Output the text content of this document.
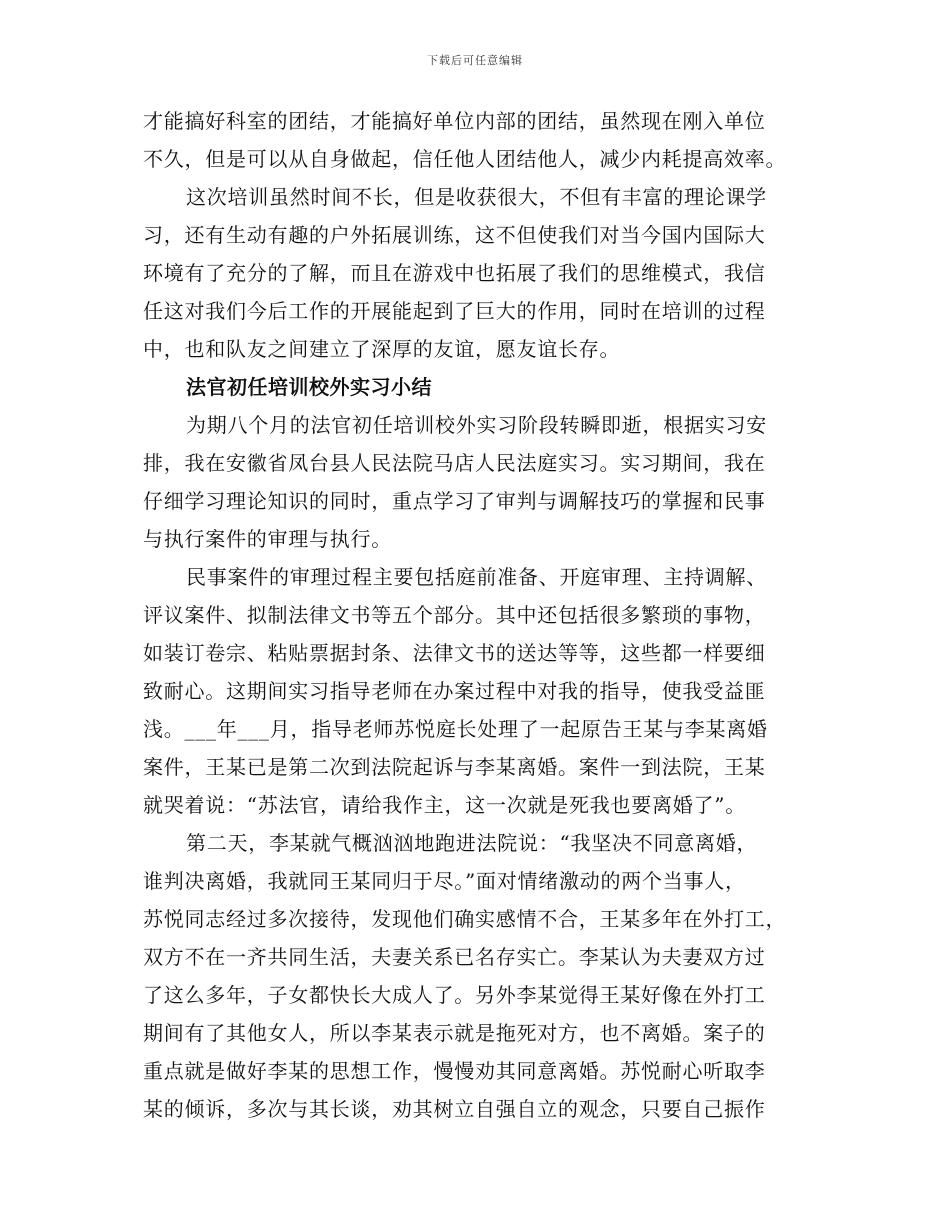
下载后可任意编辑
才能搞好科室的团结，才能搞好单位内部的团结，虽然现在刚入单位
不久，但是可以从自身做起，信任他人团结他人，减少内耗提高效率。
这次培训虽然时间不长，但是收获很大，不但有丰富的理论课学
习，还有生动有趣的户外拓展训练，这不但使我们对当今国内国际大
环境有了充分的了解，而且在游戏中也拓展了我们的思维模式，我信
任这对我们今后工作的开展能起到了巨大的作用，同时在培训的过程
中，也和队友之间建立了深厚的友谊，愿友谊长存。
法官初任培训校外实习小结
为期八个月的法官初任培训校外实习阶段转瞬即逝，根据实习安
排，我在安徽省凤台县人民法院马店人民法庭实习。实习期间，我在
仔细学习理论知识的同时，重点学习了审判与调解技巧的掌握和民事
与执行案件的审理与执行。
民事案件的审理过程主要包括庭前准备、开庭审理、主持调解、
评议案件、拟制法律文书等五个部分。其中还包括很多繁琐的事物，
如装订卷宗、粘贴票据封条、法律文书的送达等等，这些都一样要细
致耐心。这期间实习指导老师在办案过程中对我的指导，使我受益匪
浅。___年___月，指导老师苏悦庭长处理了一起原告王某与李某离婚
案件，王某已是第二次到法院起诉与李某离婚。案件一到法院，王某
就哭着说：“苏法官，请给我作主，这一次就是死我也要离婚了”。
第二天，李某就气概汹汹地跑进法院说：“我坚决不同意离婚，
谁判决离婚，我就同王某同归于尽。”面对情绪激动的两个当事人，
苏悦同志经过多次接待，发现他们确实感情不合，王某多年在外打工，
双方不在一齐共同生活，夫妻关系已名存实亡。李某认为夫妻双方过
了这么多年，子女都快长大成人了。另外李某觉得王某好像在外打工
期间有了其他女人，所以李某表示就是拖死对方，也不离婚。案子的
重点就是做好李某的思想工作，慢慢劝其同意离婚。苏悦耐心听取李
某的倾诉，多次与其长谈，劝其树立自强自立的观念，只要自己振作
